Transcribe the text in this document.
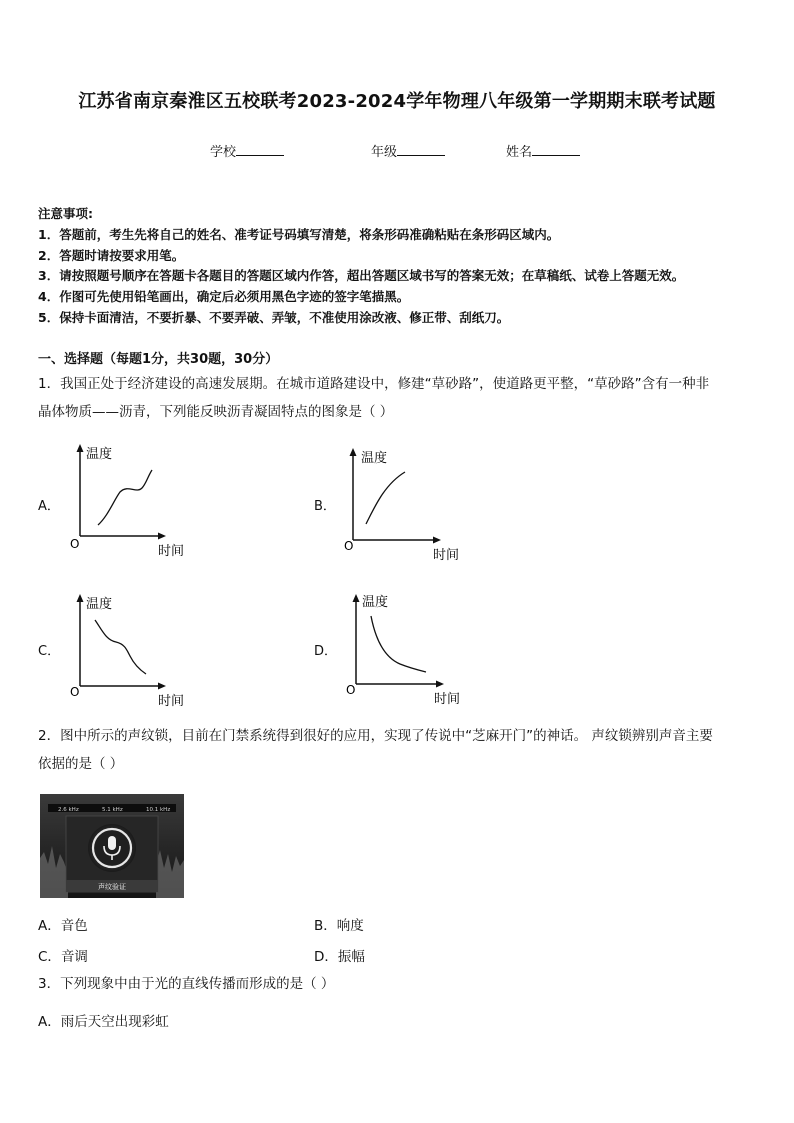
江苏省南京秦淮区五校联考2023-2024学年物理八年级第一学期期末联考试题
学校	年级	姓名
注意事项:
1．答题前，考生先将自己的姓名、准考证号码填写清楚，将条形码准确粘贴在条形码区域内。
2．答题时请按要求用笔。
3．请按照题号顺序在答题卡各题目的答题区域内作答，超出答题区域书写的答案无效；在草稿纸、试卷上答题无效。
4．作图可先使用铅笔画出，确定后必须用黑色字迹的签字笔描黑。
5．保持卡面清洁，不要折暴、不要弄破、弄皱，不准使用涂改液、修正带、刮纸刀。
一、选择题（每题1分，共30题，30分）
1．我国正处于经济建设的高速发展期。在城市道路建设中，修建“草砂路”，使道路更平整，“草砂路”含有一种非
晶体物质——沥青，下列能反映沥青凝固特点的图象是（ ）
A．
温度
O	时间
B．
温度
O
时间
C．
温度
O
时间
D．
温度
O
时间
2．图中所示的声纹锁，目前在门禁系统得到很好的应用，实现了传说中“芝麻开门”的神话。 声纹锁辨别声音主要
依据的是（ ）
2.6 kHz	5.1 kHz	10.1 kHz
声纹验证
A．音色	B．响度
C．音调	D．振幅
3．下列现象中由于光的直线传播而形成的是（ ）
A．雨后天空出现彩虹
